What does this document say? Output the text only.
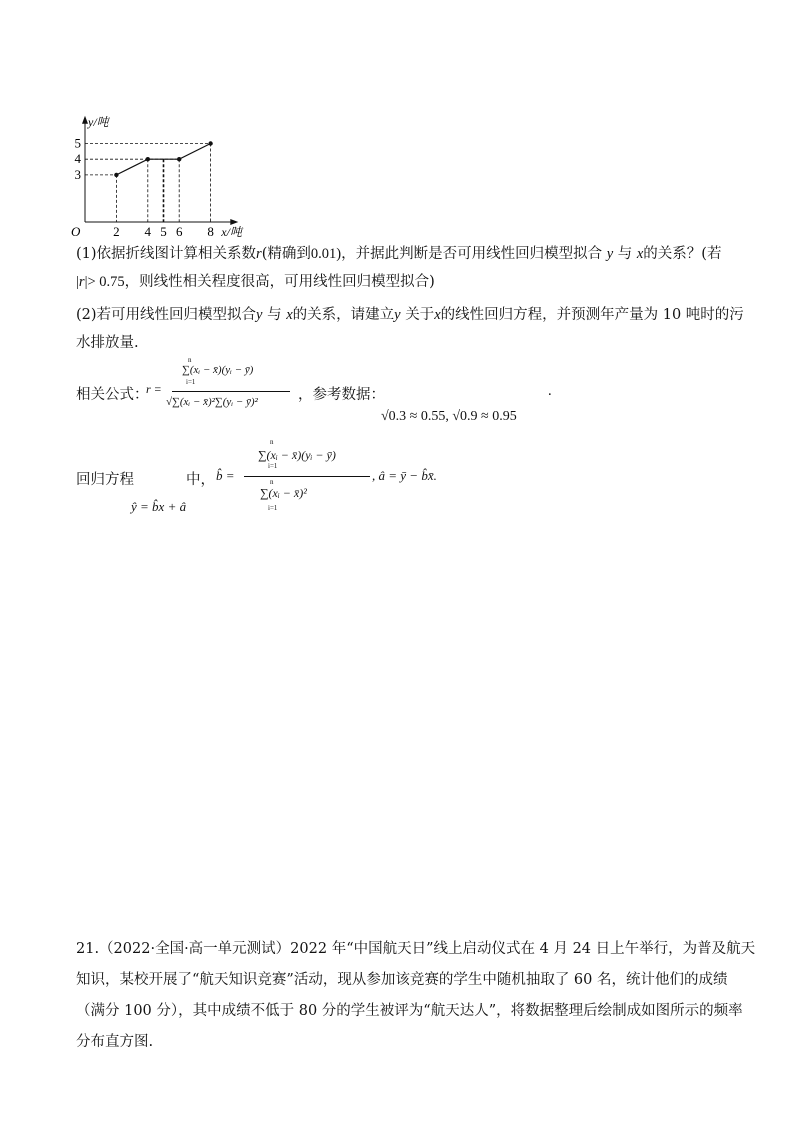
x/吨
y/吨
O	2 4 5 6 8
3
4
5
(1)依据折线图计算相关系数r(精确到0.01)，并据此判断是否可用线性回归模型拟合 y 与 x的关系？(若
|r|> 0.75，则线性相关程度很高，可用线性回归模型拟合)
(2)若可用线性回归模型拟合y 与 x的关系，请建立y 关于x的线性回归方程，并预测年产量为 10 吨时的污
水排放量.
相关公式：
r =
n
∑(xᵢ − x̄)(yᵢ − ȳ)
i=1
√∑(xᵢ − x̄)²∑(yᵢ − ȳ)²	，参考数据：	.
√0.3 ≈ 0.55, √0.9 ≈ 0.95
回归方程
ŷ = b̂x + â
中， b̂ =
n
∑(xᵢ − x̄)(yᵢ − ȳ)
i=1
n
∑(xᵢ − x̄)²
i=1
, â = ȳ − b̂x̄.
21.（2022·全国·高一单元测试）2022 年“中国航天日”线上启动仪式在 4 月 24 日上午举行，为普及航天
知识，某校开展了“航天知识竞赛”活动，现从参加该竞赛的学生中随机抽取了 60 名，统计他们的成绩
（满分 100 分），其中成绩不低于 80 分的学生被评为“航天达人”，将数据整理后绘制成如图所示的频率
分布直方图.
